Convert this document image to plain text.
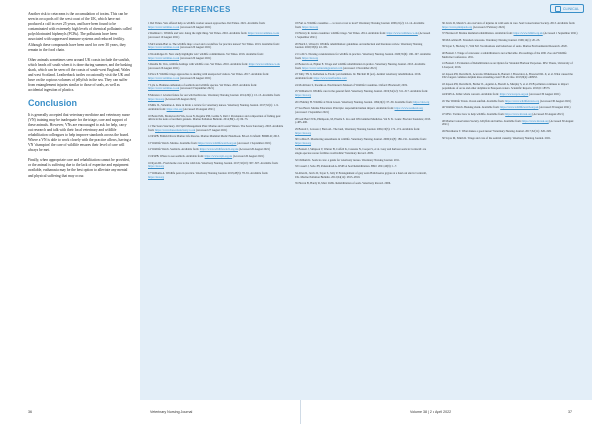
Another risk to cetaceans is the accumulation of toxins. This can be seen in orca pods off the west coast of the UK, which have not produced a calf in over 25 years, and have been found to be contaminated with extremely high levels of chemical pollutants called polychlorinated biphenyls (PCBs). The pollutants have been associated with suppressed immune systems and reduced fertility. Although these compounds have been used for over 30 years, they remain in the food chain.

Other animals sometimes seen around UK coasts include the sunfish, which heads off south when it is done during summer, and the basking shark, which can be seen off the coasts of south-west England, Wales and west Scotland. Leatherback turtles occasionally visit the UK and have on the copious volumes of jellyfish in the sea. They can suffer from entanglement injuries similar to those of seals, as well as accidental ingestion of plastics.

Conclusion

It is generally accepted that veterinary medicine and veterinary nurse (VN) training may be inadequate for the triage, care and support of these animals. However, VNs are encouraged to ask for help, carry out research and talk with their local veterinary and wildlife rehabilitation colleagues to help improve standards across the board. Where a VN is able to work closely with the practice allows, having a VN 'champion' the care of wildlife ensures their level of care will always be met.

Finally, when appropriate care and rehabilitation cannot be provided, or the animal is suffering due to the lack of expertise and equipment available, euthanasia may be the best option to alleviate any mental and physical suffering that may occur.

REFERENCES	CLINICAL
1 Del Times. Vets offered help as wildlife worker season approaches. Del Times. 2021. Available from: https://www.vettimes.co.uk (Accessed 20 August 2021)
2 Rudman C. Wildlife and vets: doing the right thing. Vet Times. 2016. Available from: https://www.vettimes.co.uk (Accessed 10 August 2021)
3 McCartain-Hart A. The wildlife map: a tool and a workflow for practice nurses? Vet Times. 2013. Available from: https://www.vettimes.co.uk (Accessed 20 August 2021)
4 Wooldridges D. New study highlights vets' wildlife commitments. Vet Times. 2016. Available from: https://www.vettimes.co.uk (Accessed 20 August 2021)
5 Randle M. Vets, wildlife dealings with wildlife care. Vet Times. 2016. Available from: https://www.vettimes.co.uk (Accessed 26 August 2021)
6 Price P. Wildlife triage approaches to dealing with unexpected visitors. Vet Times. 2017. Available from: https://www.vettimes.co.uk (Accessed 26 August 2021)
7 Lyle A. Humane euthanasia of seabirds and wildlife species. Vet Times. 2018. Available from: https://www.vettimes.co.uk (Accessed 3 September 2021)
8 Marston J. A better future for our wild herbivores. Veterinary Nursing Journal. 2014;29(1): 13–15. Available from: https://doi.org (Accessed 26 August 2021)
9 Mills JL, Valentine A. Rare in birds: a review for veterinary nurses. Veterinary Nursing Journal. 2017;32(1): 1–9. Available from: https://doi.org (Accessed 26 August 2021)
10 Bernd ML, Montevecchi WA, Gosa N, Regular PM, Garthe S, Rail J. Persistence and composition of fishing gear debris in the nests of northern gannets. Marine Pollution Bulletin. 2014;88(1–2): 69–73.
11 The Sears Sanctuary. Oil Spill Management Plan: Marine and Coastal Waters. The Sears Sanctuary. 2018. Available from: https://www.thesealsanctuary.co.uk (Accessed 27 August 2021)
12 RSPB. British Divers Marine Life Rescue. Marine Mammal Medic Handbook. 8th ed. Uckfield: BDMLR; 2013.
13 Wildlife Watch. Marine. Available from: https://www.wildlifewatch.org.uk (Accessed 1 September 2021)
14 Wildlife Watch. Seabirds. Available from: https://www.wildlifewatch.org.uk (Accessed 26 August 2021)
15 RSPB. Where to see seabirds. Available from: https://www.rspb.org.uk (Accessed 26 August 2021)
16 Ryan DL. From home care to the wild ride. Veterinary Nursing Journal. 2017;32(10): 307–307. Available from: https://doi.org
17 Williams A. Wildlife pests in practice. Veterinary Nursing Journal. 2013;28(3): 78–81. Available from: https://doi.org
18 Furi A. Wildlife casualties — to treat or not to treat? Veterinary Nursing Journal. 2006;21(2): 12–14. Available from: https://doi.org
19 Harvey R. Avian casualties: wildlife triage. Vet Times. 2014. Available from: https://www.vettimes.co.uk (Accessed 1 September 2021)
20 Hatch J, Urban D. Wildlife rehabilitation: guidelines on intellectual and literature review. Veterinary Nursing Journal. 2020;35(6): 22–331.
21 Cobb S. Nursing considerations for wildlife in practice. Veterinary Nursing Journal. 2020;35(6): 196–197. Available from: https://doi.org
22 Bonuccio A, Elpher E. Triage and wildlife rehabilitation in pratice. Veterinary Nursing Journal. 2013. Available from: https://www.vetnursingjournal.com (Accessed 1 November 2021)
23 Tully TN Jr, Kelleman A. Exotic pet mammals. In: Birchall M (ed.). Animal veterinary rehabilitation. 2016. Available from: https://www.tandfonline.com
24 McAllister S, Kwelka A. Practitioner's Manual of Wildlife Casualties. Oxford: Blackwell; 2019.
25 Williams D. Wildlife care in the general field. Veterinary Nursing Journal. 2019;34(12): 311–317. Available from: https://doi.org
26 O'Malley H. Wildlife at Work Green. Veterinary Nursing Journal. 1994;9(2): 37–39. Available from: https://doi.org
27 Sea Heart. Marine Education: Principle: responsible human impact. Available from: https://www.seaheart.org (Accessed 1 September 2021)
28 Gair Bercl WK, Phimpodo, M, Elsella S. Zoo and Wild Animal Medicine. Vol 8. St. Louis: Elsevier Saunders; 2015. p 485–490.
29 Barrett J, Lawson J, Barn AL. The land, Veterinary Nursing Journal. 2004;19(5): 172–174. Available from: https://doi.org
30 Collins E. Monitoring anaesthesia in wildlife. Veterinary Nursing Journal. 2006;21(8): 186–191. Available from: https://doi.org
31 Barnett J, Simpson V, Warner B, Coffell K, Couzens N, Cooper S, et al. Grey and harbour seals in Cornwall: are single-species rescue facilities worthwhile? Veterinary Record. 2009.
32 Oldham K. Seals in care: a guide for veterinary nurses. Veterinary Nursing Journal. 2011.
33 Cassell J, Sabo JH, Pattendrash A. RSPCA Seal Rehabilitation. BMJ. 2021;40(9): 1–7.
34 Allen R, Jarvis D, Sayer S, Jolly P. Entanglement of grey seals Halichoerus grypus at a haul out site in Cornwall, UK. Marine Pollution Bulletin. 2012;64(12): 2815–2819.
35 Hoven B, Hardy R, Marr LMK. Rehabilitation of seals. Veterinary Record. 2006.
36 Jarvis D, Marsh S. An overview of injuries in wild seals in care. Seal Conservation Society. 2013. Available from: https://www.pinnipeds.org (Accessed 2 February 2022)
37 Harrison P. Marine mammal rehabilitation. Available from: https://www.bdmlr.org.uk (Accessed 1 September 2021)
38 McLachlan H. Stranded cetaceans. Veterinary Nursing Journal. 1996;14(1): 20–23.
39 Sayer S, Hockley C, Witt MJ. Vocalisations and behaviour of seals. Marine Environmental Research. 2020.
40 Barnett J. Triage of cetaceans: a rehabilitation is not achievable. Proceedings of the 2001 Zoo and Wildlife Medicine Conference. 2011.
41 Barnett J. Evaluation of Rehabilitation as an Option for Stranded Harbour Porpoises. MSc Thesis, University of Liverpool; 2016.
42 Jepson PD, Deaville R, Acevedo-Whitehouse K, Barnett J, Brownlow A, Brownell RL Jr, et al. What caused the UK's largest common dolphin mass stranding event? PLoS One. 2013;8(4): e60953.
43 Jepson PD, Deaville R, Barber JL, Aguilar A, Borrell A, Murphy S, et al. PCB pollution continues to impact populations of orcas and other dolphins in European waters. Scientific Reports. 2016;6: 18573.
44 RSPCA. Killer whale concern. Available from: https://www.rspca.org.uk (Accessed 30 August 2021)
45 The Wildlife Trusts. Ocean sunfish. Available from: https://www.wildlifetrusts.org (Accessed 30 August 2021)
46 Wildlife Watch. Basking shark. Available from: https://www.wildlifewatch.org.uk (Accessed 30 August 2021)
47 MSC. Turtles: how to help wildlife. Available from: https://www.mcsuk.org (Accessed 30 August 2021)
48 Marine Conservation Society. Jellyfish and turtles. Available from: https://www.mcsuk.org (Accessed 30 August 2021)
49 Hawthorne T. What makes a good nurse? Veterinary Nursing Journal. 2017;32(11): 326–328.
50 Sayre M, Smith R. Triage and care of the seabird casualty. Veterinary Nursing Journal. 2021.
36	Veterinary Nursing Journal	Volume 38 | 2 • April 2022	37
